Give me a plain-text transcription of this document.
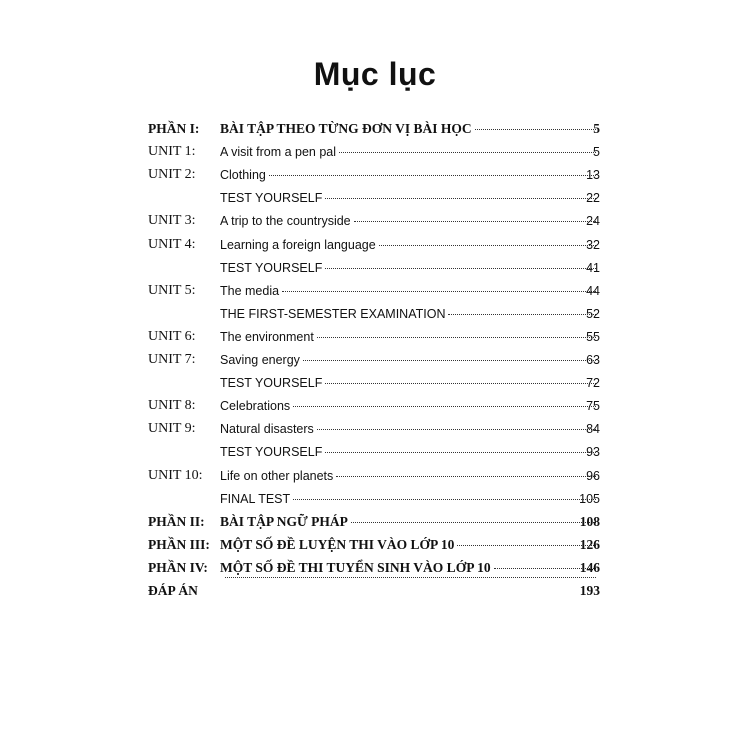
Mục lục
PHẦN I: BÀI TẬP THEO TỪNG ĐƠN VỊ BÀI HỌC	5
UNIT 1: A visit from a pen pal	5
UNIT 2: Clothing	13
TEST YOURSELF	22
UNIT 3: A trip to the countryside	24
UNIT 4: Learning a foreign language	32
TEST YOURSELF	41
UNIT 5: The media	44
THE FIRST-SEMESTER EXAMINATION	52
UNIT 6: The environment	55
UNIT 7: Saving energy	63
TEST YOURSELF	72
UNIT 8: Celebrations	75
UNIT 9: Natural disasters	84
TEST YOURSELF	93
UNIT 10: Life on other planets	96
FINAL TEST	105
PHẦN II: BÀI TẬP NGỮ PHÁP	108
PHẦN III: MỘT SỐ ĐỀ LUYỆN THI VÀO LỚP 10	126
PHẦN IV: MỘT SỐ ĐỀ THI TUYỂN SINH VÀO LỚP 10	146
ĐÁP ÁN	193
